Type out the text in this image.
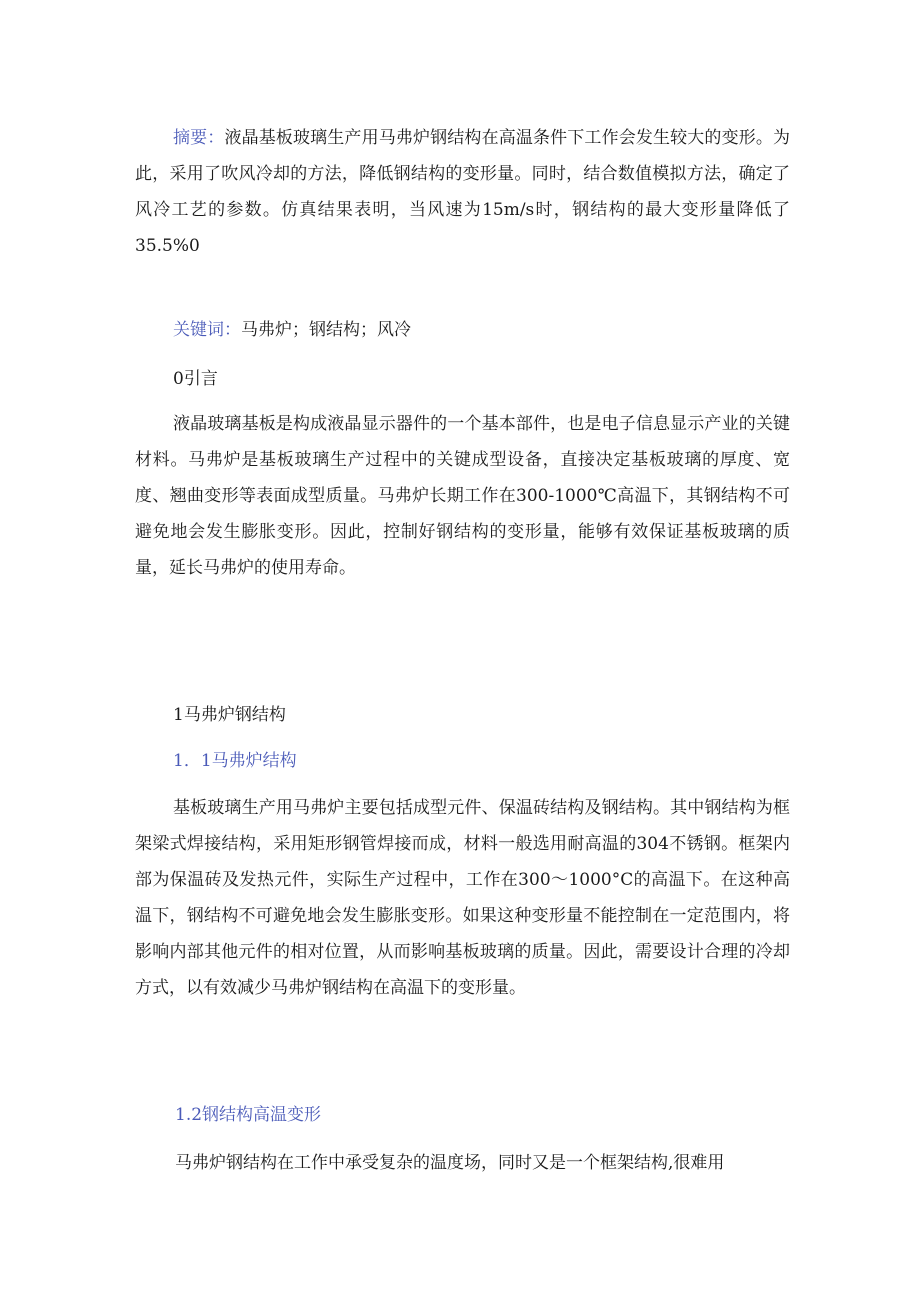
摘要：液晶基板玻璃生产用马弗炉钢结构在高温条件下工作会发生较大的变形。为此，采用了吹风冷却的方法，降低钢结构的变形量。同时，结合数值模拟方法，确定了风冷工艺的参数。仿真结果表明，当风速为15m/s时，钢结构的最大变形量降低了35.5%0

关键词：马弗炉；钢结构；风冷

0引言

液晶玻璃基板是构成液晶显示器件的一个基本部件，也是电子信息显示产业的关键材料。马弗炉是基板玻璃生产过程中的关键成型设备，直接决定基板玻璃的厚度、宽度、翘曲变形等表面成型质量。马弗炉长期工作在300-1000℃高温下，其钢结构不可避免地会发生膨胀变形。因此，控制好钢结构的变形量，能够有效保证基板玻璃的质量，延长马弗炉的使用寿命。

1马弗炉钢结构

1．1马弗炉结构

基板玻璃生产用马弗炉主要包括成型元件、保温砖结构及钢结构。其中钢结构为框架梁式焊接结构，采用矩形钢管焊接而成，材料一般选用耐高温的304不锈钢。框架内部为保温砖及发热元件，实际生产过程中，工作在300～1000°C的高温下。在这种高温下，钢结构不可避免地会发生膨胀变形。如果这种变形量不能控制在一定范围内，将影响内部其他元件的相对位置，从而影响基板玻璃的质量。因此，需要设计合理的冷却方式，以有效减少马弗炉钢结构在高温下的变形量。

1.2钢结构高温变形

马弗炉钢结构在工作中承受复杂的温度场，同时又是一个框架结构,很难用
